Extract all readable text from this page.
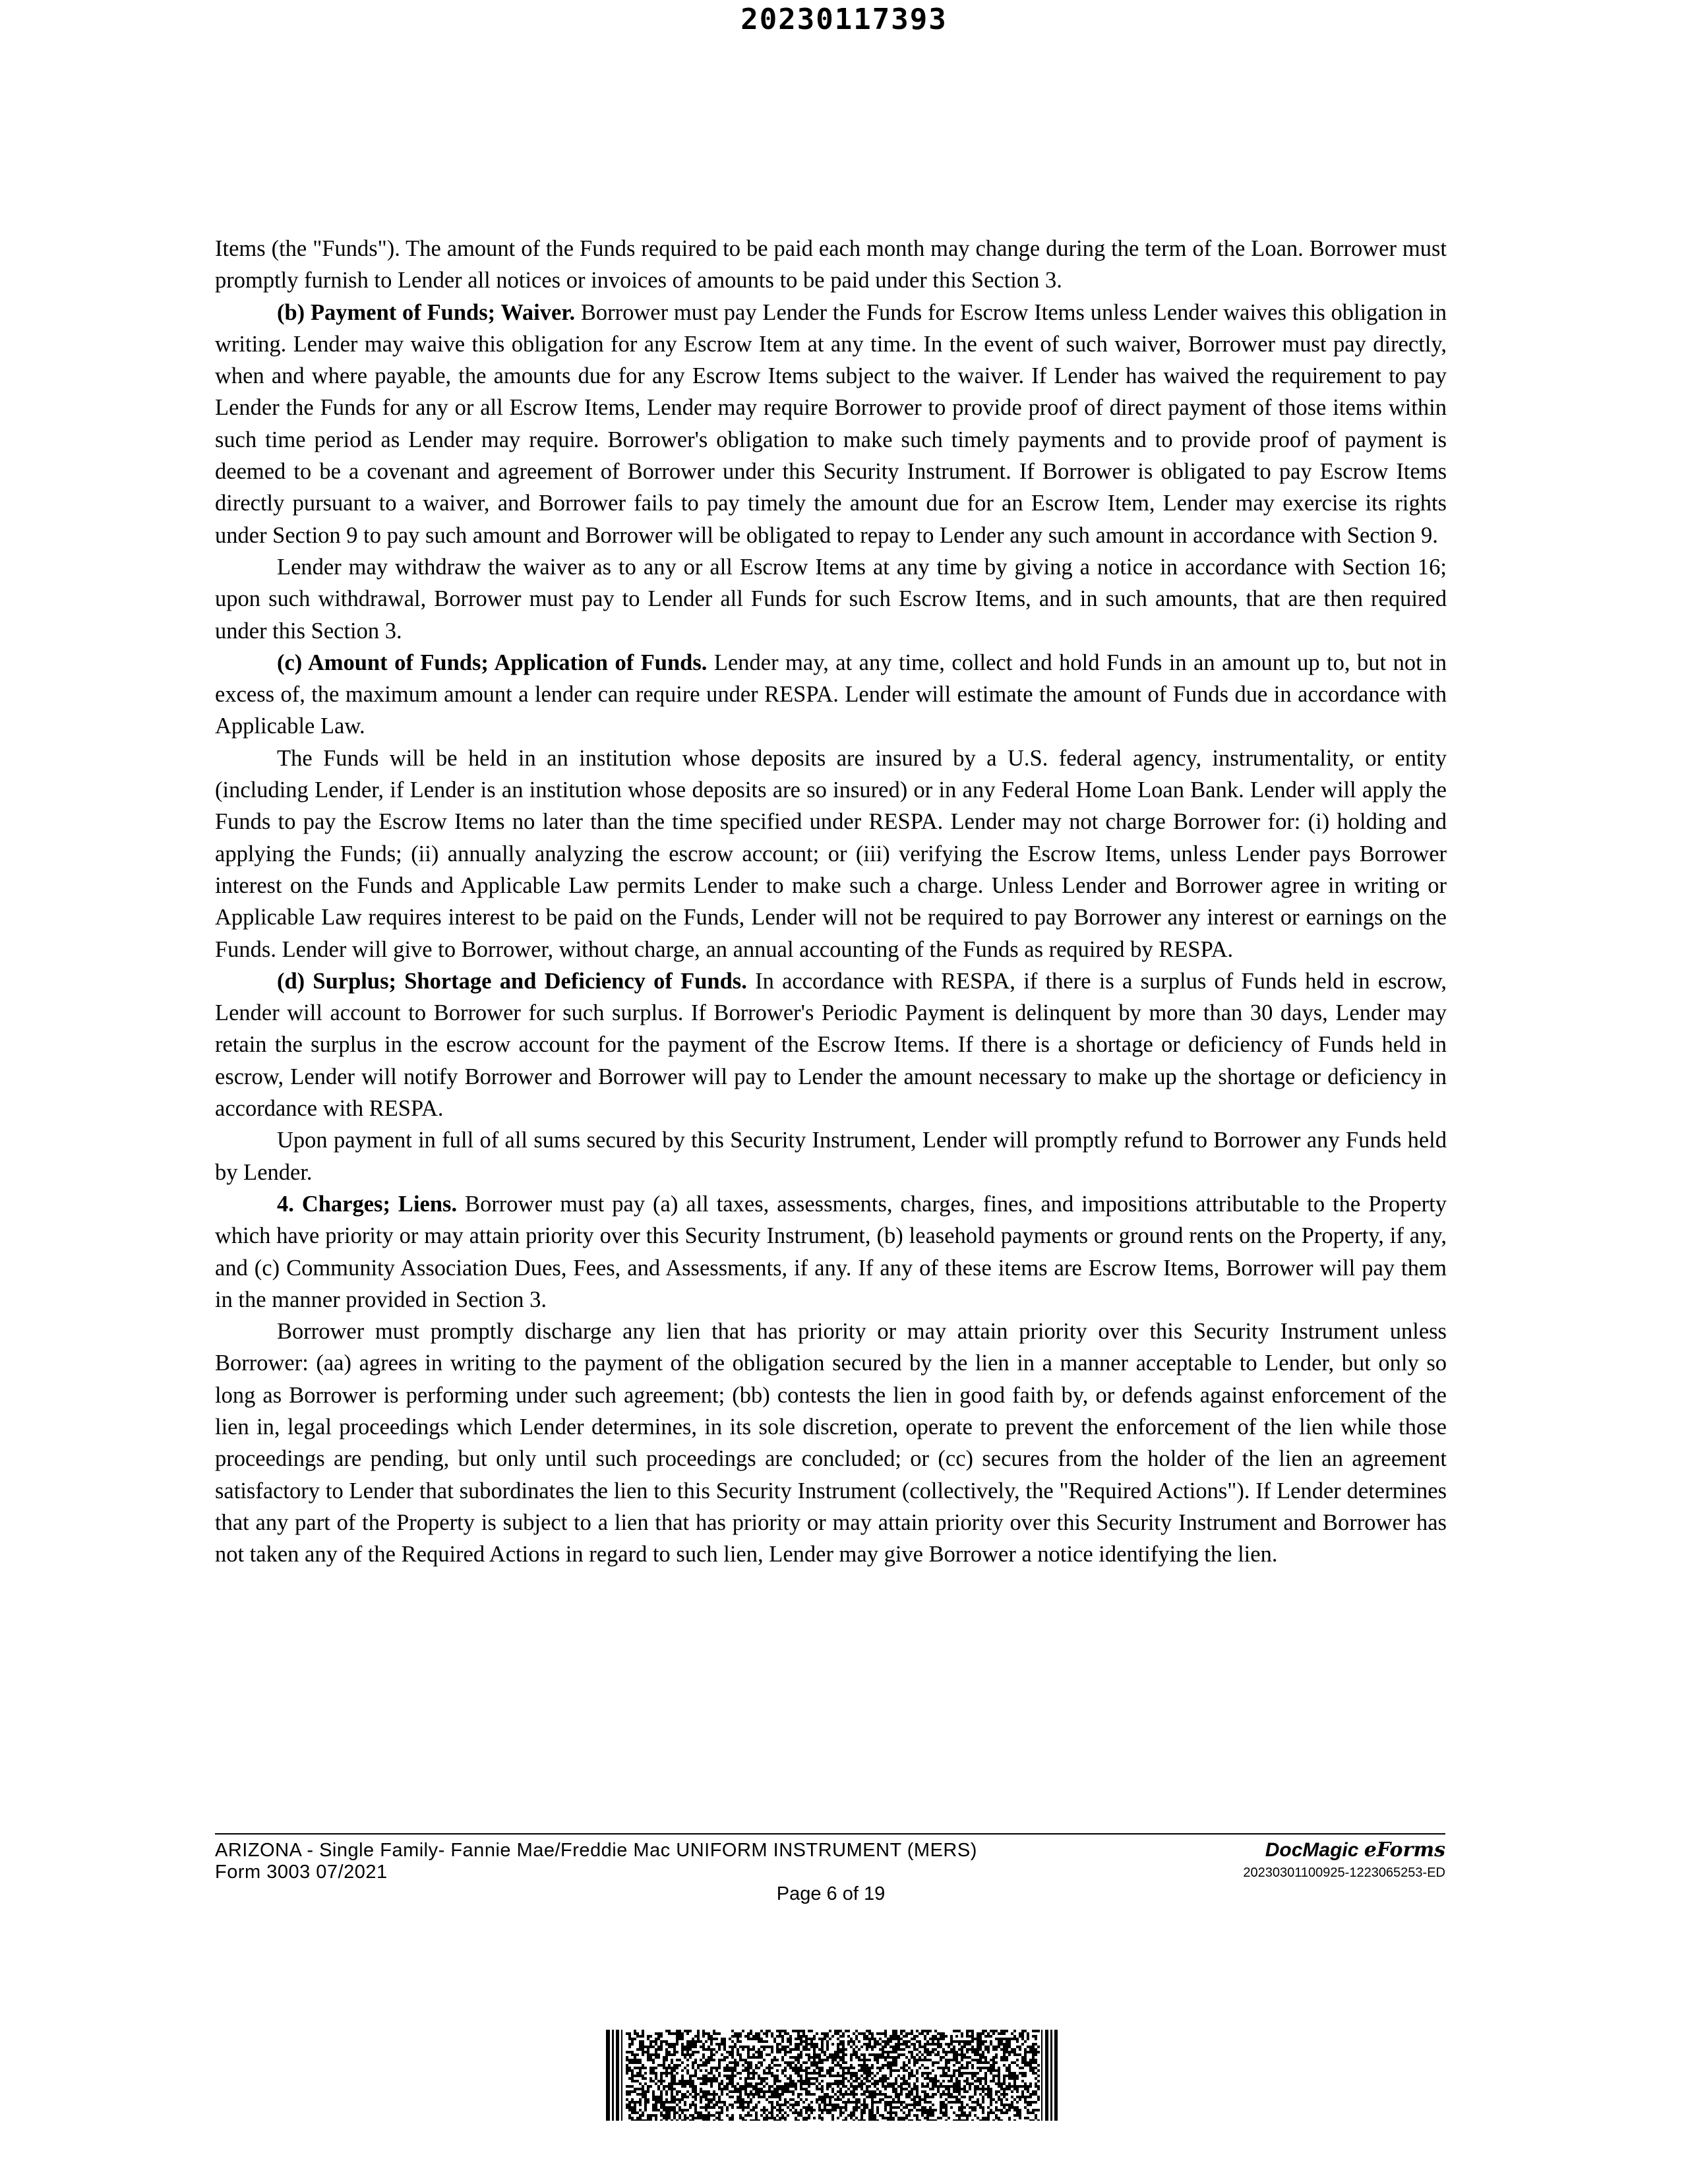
20230117393

Items (the "Funds"). The amount of the Funds required to be paid each month may change during the term of the Loan. Borrower must promptly furnish to Lender all notices or invoices of amounts to be paid under this Section 3.

(b) Payment of Funds; Waiver. Borrower must pay Lender the Funds for Escrow Items unless Lender waives this obligation in writing. Lender may waive this obligation for any Escrow Item at any time. In the event of such waiver, Borrower must pay directly, when and where payable, the amounts due for any Escrow Items subject to the waiver. If Lender has waived the requirement to pay Lender the Funds for any or all Escrow Items, Lender may require Borrower to provide proof of direct payment of those items within such time period as Lender may require. Borrower's obligation to make such timely payments and to provide proof of payment is deemed to be a covenant and agreement of Borrower under this Security Instrument. If Borrower is obligated to pay Escrow Items directly pursuant to a waiver, and Borrower fails to pay timely the amount due for an Escrow Item, Lender may exercise its rights under Section 9 to pay such amount and Borrower will be obligated to repay to Lender any such amount in accordance with Section 9.

Lender may withdraw the waiver as to any or all Escrow Items at any time by giving a notice in accordance with Section 16; upon such withdrawal, Borrower must pay to Lender all Funds for such Escrow Items, and in such amounts, that are then required under this Section 3.

(c) Amount of Funds; Application of Funds. Lender may, at any time, collect and hold Funds in an amount up to, but not in excess of, the maximum amount a lender can require under RESPA. Lender will estimate the amount of Funds due in accordance with Applicable Law.

The Funds will be held in an institution whose deposits are insured by a U.S. federal agency, instrumentality, or entity (including Lender, if Lender is an institution whose deposits are so insured) or in any Federal Home Loan Bank. Lender will apply the Funds to pay the Escrow Items no later than the time specified under RESPA. Lender may not charge Borrower for: (i) holding and applying the Funds; (ii) annually analyzing the escrow account; or (iii) verifying the Escrow Items, unless Lender pays Borrower interest on the Funds and Applicable Law permits Lender to make such a charge. Unless Lender and Borrower agree in writing or Applicable Law requires interest to be paid on the Funds, Lender will not be required to pay Borrower any interest or earnings on the Funds. Lender will give to Borrower, without charge, an annual accounting of the Funds as required by RESPA.

(d) Surplus; Shortage and Deficiency of Funds. In accordance with RESPA, if there is a surplus of Funds held in escrow, Lender will account to Borrower for such surplus. If Borrower's Periodic Payment is delinquent by more than 30 days, Lender may retain the surplus in the escrow account for the payment of the Escrow Items. If there is a shortage or deficiency of Funds held in escrow, Lender will notify Borrower and Borrower will pay to Lender the amount necessary to make up the shortage or deficiency in accordance with RESPA.

Upon payment in full of all sums secured by this Security Instrument, Lender will promptly refund to Borrower any Funds held by Lender.

4. Charges; Liens. Borrower must pay (a) all taxes, assessments, charges, fines, and impositions attributable to the Property which have priority or may attain priority over this Security Instrument, (b) leasehold payments or ground rents on the Property, if any, and (c) Community Association Dues, Fees, and Assessments, if any. If any of these items are Escrow Items, Borrower will pay them in the manner provided in Section 3.

Borrower must promptly discharge any lien that has priority or may attain priority over this Security Instrument unless Borrower: (aa) agrees in writing to the payment of the obligation secured by the lien in a manner acceptable to Lender, but only so long as Borrower is performing under such agreement; (bb) contests the lien in good faith by, or defends against enforcement of the lien in, legal proceedings which Lender determines, in its sole discretion, operate to prevent the enforcement of the lien while those proceedings are pending, but only until such proceedings are concluded; or (cc) secures from the holder of the lien an agreement satisfactory to Lender that subordinates the lien to this Security Instrument (collectively, the "Required Actions"). If Lender determines that any part of the Property is subject to a lien that has priority or may attain priority over this Security Instrument and Borrower has not taken any of the Required Actions in regard to such lien, Lender may give Borrower a notice identifying the lien.

ARIZONA - Single Family- Fannie Mae/Freddie Mac UNIFORM INSTRUMENT (MERS)
Form 3003 07/2021
Page 6 of 19
DocMagic eForms
20230301100925-1223065253-ED
